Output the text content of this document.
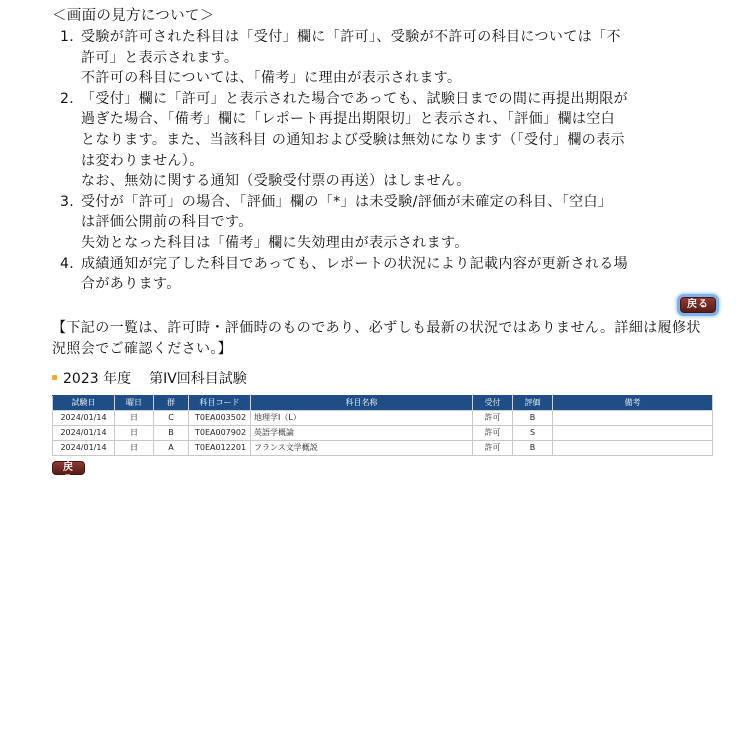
＜画面の見方について＞
1. 受験が許可された科目は「受付」欄に「許可」、受験が不許可の科目については「不
許可」と表示されます。
不許可の科目については、「備考」に理由が表示されます。
2. 「受付」欄に「許可」と表示された場合であっても、試験日までの間に再提出期限が
過ぎた場合、「備考」欄に「レポート再提出期限切」と表示され、「評価」欄は空白
となります。また、当該科目 の通知および受験は無効になります（「受付」欄の表示
は変わりません）。
なお、無効に関する通知（受験受付票の再送）はしません。
3. 受付が「許可」の場合、「評価」欄の「*」は未受験/評価が未確定の科目、「空白」
は評価公開前の科目です。
失効となった科目は「備考」欄に失効理由が表示されます。
4. 成績通知が完了した科目であっても、レポートの状況により記載内容が更新される場
合があります。
戻る
【下記の一覧は、許可時・評価時のものであり、必ずしも最新の状況ではありません。詳細は履修状
況照会でご確認ください。】
2023 年度 第IV回科目試験
試験日	曜日	群	科目コード	科目名称	受付	評価	備考
2024/01/14	日	C	T0EA003502	地理学I（L）	許可	B	
2024/01/14	日	B	T0EA007902	英語学概論	許可	S	
2024/01/14	日	A	T0EA012201	フランス文学概説	許可	B	
戻る
